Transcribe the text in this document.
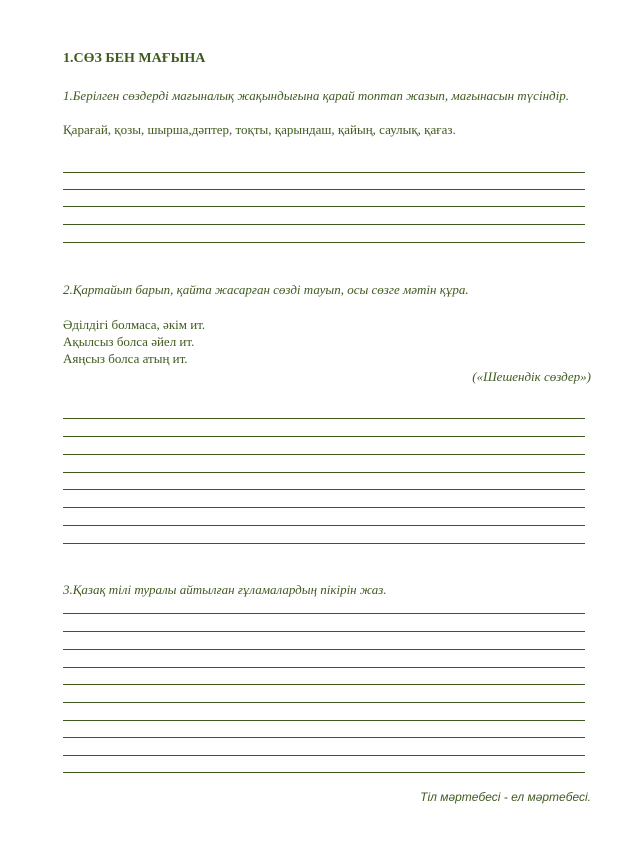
1.СӨЗ БЕН МАҒЫНА
1.Берілген сөздерді мағыналық жақындығына қарай топтап жазып, мағынасын түсіндір.
Қарағай, қозы, шырша,дәптер, тоқты, қарындаш, қайың, саулық, қағаз.
2.Қартайып барып, қайта жасарған сөзді тауып, осы сөзге мәтін құра.
Әділдігі болмаса, әкім ит.
Ақылсыз болса әйел ит.
Аяңсыз болса атың ит.
(«Шешендік сөздер»)
3.Қазақ тілі туралы айтылған ғұламалардың пікірін жаз.
Тіл мәртебесі - ел мәртебесі.
